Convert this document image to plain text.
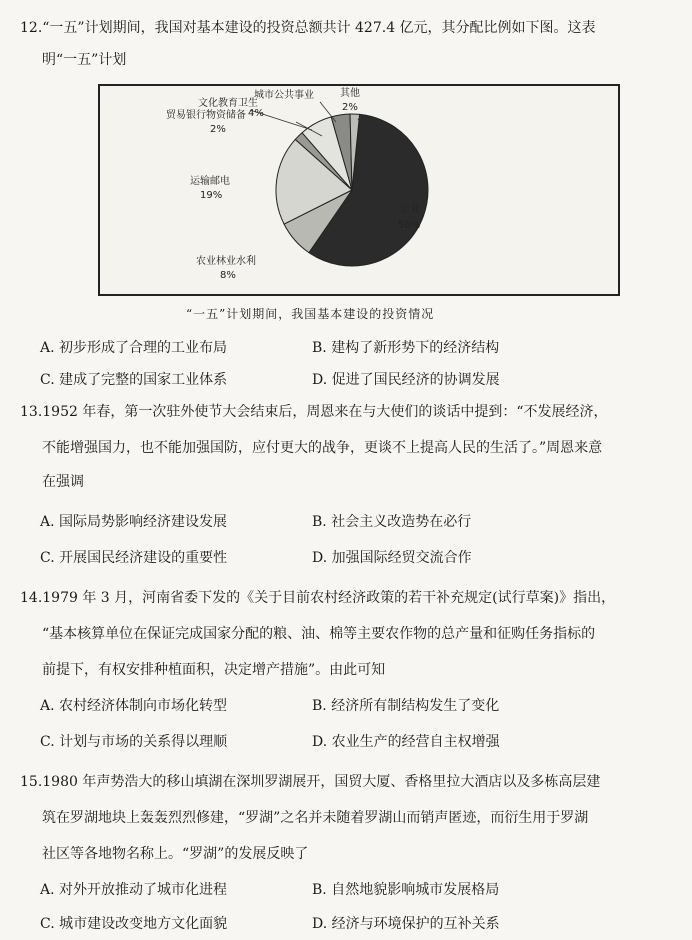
12.“一五”计划期间，我国对基本建设的投资总额共计 427.4 亿元，其分配比例如下图。这表
明“一五”计划
文化教育卫生
贸易银行物资储备
2%
城市公共事业
4%
其他
2%
运输邮电
19%
工业
58%
农业林业水利
8%
“一五”计划期间，我国基本建设的投资情况
A. 初步形成了合理的工业布局	B. 建构了新形势下的经济结构
C. 建成了完整的国家工业体系	D. 促进了国民经济的协调发展
13.1952 年春，第一次驻外使节大会结束后，周恩来在与大使们的谈话中提到：“不发展经济，
不能增强国力，也不能加强国防，应付更大的战争，更谈不上提高人民的生活了。”周恩来意
在强调
A. 国际局势影响经济建设发展	B. 社会主义改造势在必行
C. 开展国民经济建设的重要性	D. 加强国际经贸交流合作
14.1979 年 3 月，河南省委下发的《关于目前农村经济政策的若干补充规定(试行草案)》指出，
“基本核算单位在保证完成国家分配的粮、油、棉等主要农作物的总产量和征购任务指标的
前提下，有权安排种植面积，决定增产措施”。由此可知
A. 农村经济体制向市场化转型	B. 经济所有制结构发生了变化
C. 计划与市场的关系得以理顺	D. 农业生产的经营自主权增强
15.1980 年声势浩大的移山填湖在深圳罗湖展开，国贸大厦、香格里拉大酒店以及多栋高层建
筑在罗湖地块上轰轰烈烈修建，“罗湖”之名并未随着罗湖山而销声匿迹，而衍生用于罗湖
社区等各地物名称上。“罗湖”的发展反映了
A. 对外开放推动了城市化进程	B. 自然地貌影响城市发展格局
C. 城市建设改变地方文化面貌	D. 经济与环境保护的互补关系
